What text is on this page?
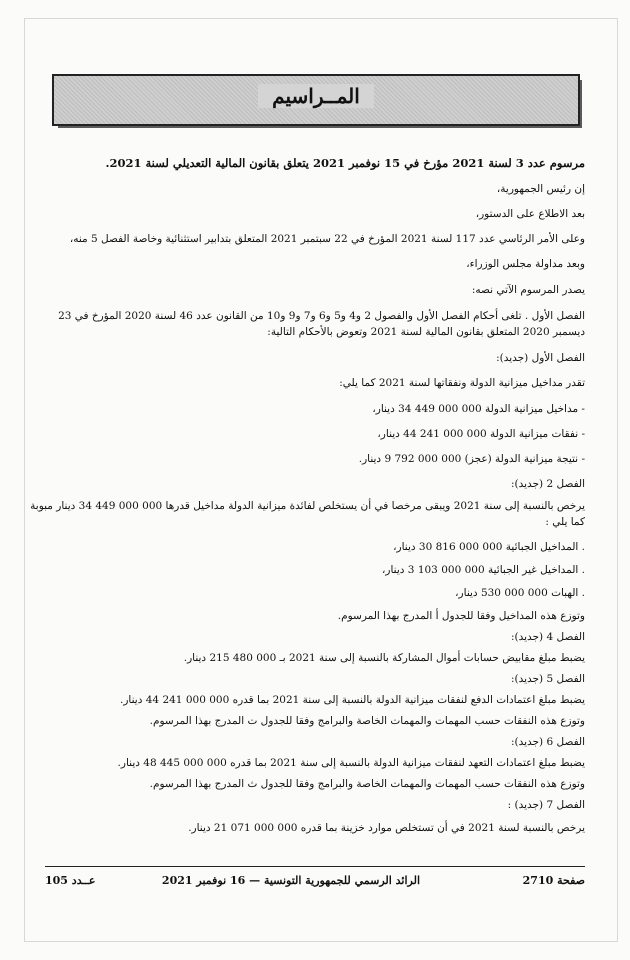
المــراسيم
مرسوم عدد 3 لسنة 2021 مؤرخ في 15 نوفمبر 2021 يتعلق بقانون المالية التعديلي لسنة 2021.
إن رئيس الجمهورية،
بعد الاطلاع على الدستور،
وعلى الأمر الرئاسي عدد 117 لسنة 2021 المؤرخ في 22 سبتمبر 2021 المتعلق بتدابير استثنائية وخاصة الفصل 5 منه،
وبعد مداولة مجلس الوزراء،
يصدر المرسوم الآتي نصه:
الفصل الأول . تلغى أحكام الفصل الأول والفصول 2 و4 و5 و6 و7 و9 و10 من القانون عدد 46 لسنة 2020 المؤرخ في 23
ديسمبر 2020 المتعلق بقانون المالية لسنة 2021 وتعوض بالأحكام التالية:
الفصل الأول (جديد):
تقدر مداخيل ميزانية الدولة ونفقاتها لسنة 2021 كما يلي:
- مداخيل ميزانية الدولة 000 000 449 34 دينار،
- نفقات ميزانية الدولة 000 000 241 44 دينار،
- نتيجة ميزانية الدولة (عجز) 000 000 792 9 دينار.
الفصل 2 (جديد):
يرخص بالنسبة إلى سنة 2021 ويبقى مرخصا في أن يستخلص لفائدة ميزانية الدولة مداخيل قدرها 000 000 449 34 دينار مبوبة
كما يلي :
. المداخيل الجبائية 000 000 816 30 دينار،
. المداخيل غير الجبائية 000 000 103 3 دينار،
. الهبات 000 000 530 دينار،
وتوزع هذه المداخيل وفقا للجدول أ المدرج بهذا المرسوم.
الفصل 4 (جديد):
يضبط مبلغ مقابيض حسابات أموال المشاركة بالنسبة إلى سنة 2021 بـ 000 480 215 دينار.
الفصل 5 (جديد):
يضبط مبلغ اعتمادات الدفع لنفقات ميزانية الدولة بالنسبة إلى سنة 2021 بما قدره 000 000 241 44 دينار.
وتوزع هذه النفقات حسب المهمات والمهمات الخاصة والبرامج وفقا للجدول ت المدرج بهذا المرسوم.
الفصل 6 (جديد):
يضبط مبلغ اعتمادات التعهد لنفقات ميزانية الدولة بالنسبة إلى سنة 2021 بما قدره 000 000 445 48 دينار.
وتوزع هذه النفقات حسب المهمات والمهمات الخاصة والبرامج وفقا للجدول ث المدرج بهذا المرسوم.
الفصل 7 (جديد) :
يرخص بالنسبة لسنة 2021 في أن تستخلص موارد خزينة بما قدره 000 000 071 21 دينار.
صفحة 2710
الرائد الرسمي للجمهورية التونسية — 16 نوفمبر 2021
عــدد 105
